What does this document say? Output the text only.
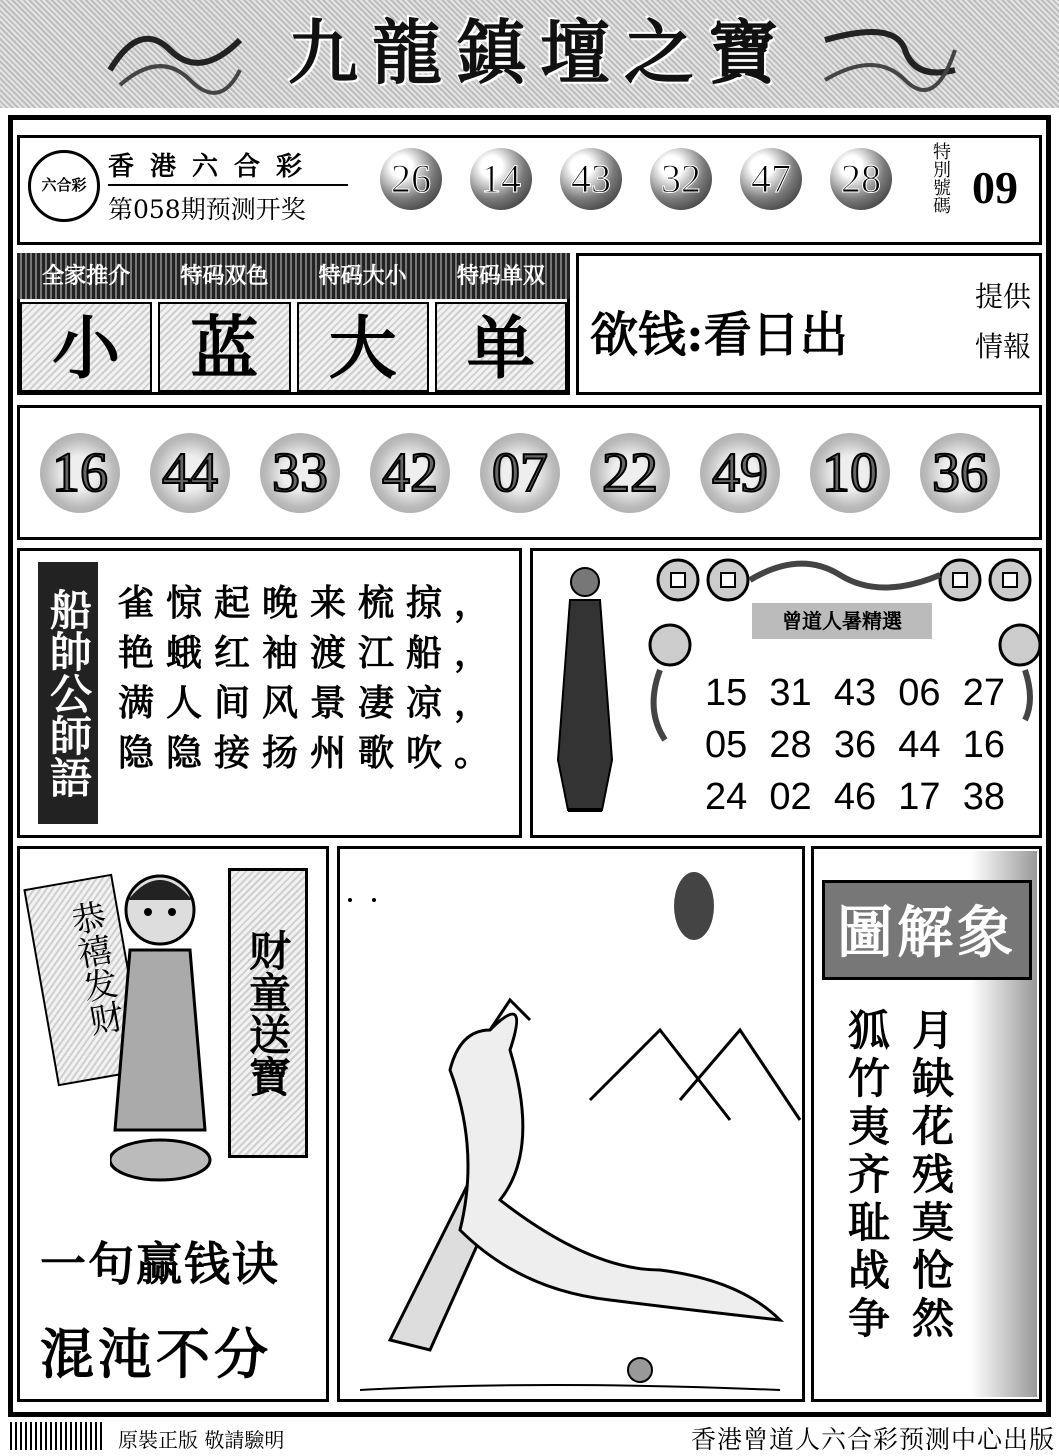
九龍鎮壇之寶
六合彩
香港六合彩
第058期预测开奖
26 14 43 32 47 28	特別號碼 09
全家推介	特码双色	特码大小	特码单双
小	蓝	大	单	欲钱:看日出
提供
情報
16 44 33 42 07 22 49 10 36
船帥公師語 雀惊起晚来梳掠，
艳蛾红袖渡江船，
满人间风景凄凉，
隐隐接扬州歌吹。
曾道人暑精選
15 31 43 06 27
05 28 36 44 16
24 02 46 17 38
恭禧发财	财童送寶
一句赢钱诀
混沌不分
圖解象
月缺花残莫怆然
狐竹夷齐耻战争
原裝正版 敬請驗明	香港曾道人六合彩预测中心出版
